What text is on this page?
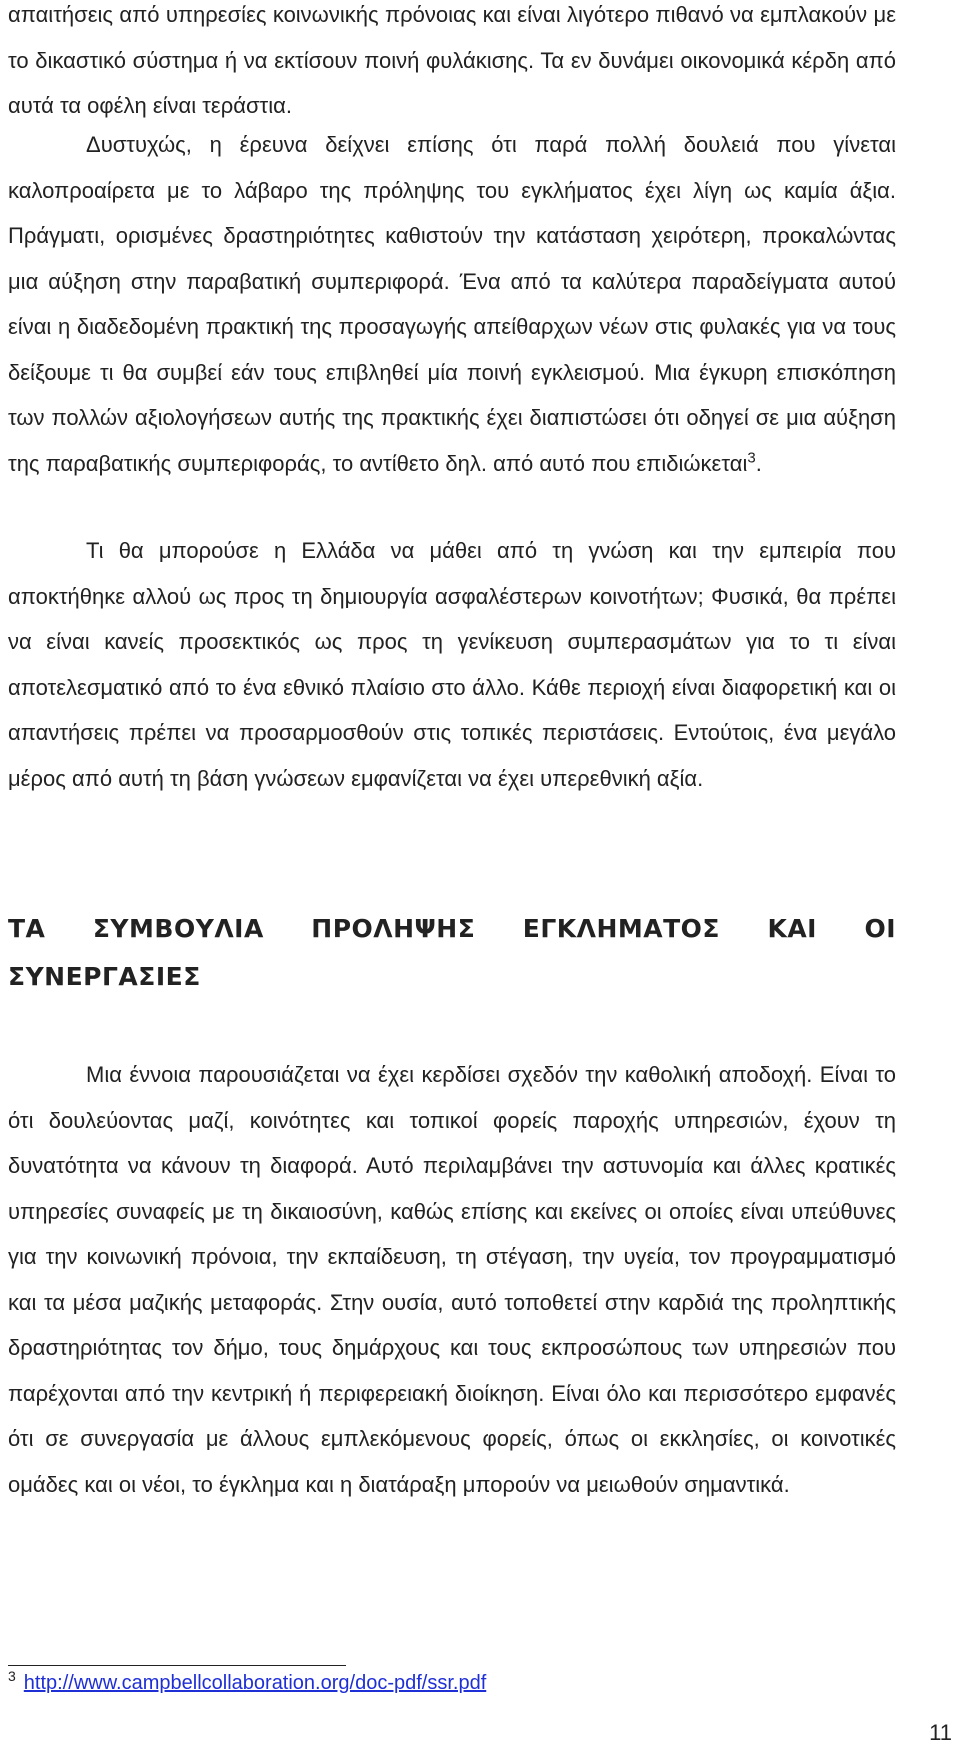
απαιτήσεις από υπηρεσίες κοινωνικής πρόνοιας και είναι λιγότερο πιθανό να εμπλακούν με το δικαστικό σύστημα ή να εκτίσουν ποινή φυλάκισης. Τα εν δυνάμει οικονομικά κέρδη από αυτά τα οφέλη είναι τεράστια.

Δυστυχώς, η έρευνα δείχνει επίσης ότι παρά πολλή δουλειά που γίνεται καλοπροαίρετα με το λάβαρο της πρόληψης του εγκλήματος έχει λίγη ως καμία άξια. Πράγματι, ορισμένες δραστηριότητες καθιστούν την κατάσταση χειρότερη, προκαλώντας μια αύξηση στην παραβατική συμπεριφορά. Ένα από τα καλύτερα παραδείγματα αυτού είναι η διαδεδομένη πρακτική της προσαγωγής απείθαρχων νέων στις φυλακές για να τους δείξουμε τι θα συμβεί εάν τους επιβληθεί μία ποινή εγκλεισμού. Μια έγκυρη επισκόπηση των πολλών αξιολογήσεων αυτής της πρακτικής έχει διαπιστώσει ότι οδηγεί σε μια αύξηση της παραβατικής συμπεριφοράς, το αντίθετο δηλ. από αυτό που επιδιώκεται$^3$.

Τι θα μπορούσε η Ελλάδα να μάθει από τη γνώση και την εμπειρία που αποκτήθηκε αλλού ως προς τη δημιουργία ασφαλέστερων κοινοτήτων; Φυσικά, θα πρέπει να είναι κανείς προσεκτικός ως προς τη γενίκευση συμπερασμάτων για το τι είναι αποτελεσματικό από το ένα εθνικό πλαίσιο στο άλλο. Κάθε περιοχή είναι διαφορετική και οι απαντήσεις πρέπει να προσαρμοσθούν στις τοπικές περιστάσεις. Εντούτοις, ένα μεγάλο μέρος από αυτή τη βάση γνώσεων εμφανίζεται να έχει υπερεθνική αξία.

ΤΑ ΣΥΜΒΟΥΛΙΑ ΠΡΟΛΗΨΗΣ ΕΓΚΛΗΜΑΤΟΣ ΚΑΙ ΟΙ ΣΥΝΕΡΓΑΣΙΕΣ

Μια έννοια παρουσιάζεται να έχει κερδίσει σχεδόν την καθολική αποδοχή. Είναι το ότι δουλεύοντας μαζί, κοινότητες και τοπικοί φορείς παροχής υπηρεσιών, έχουν τη δυνατότητα να κάνουν τη διαφορά. Αυτό περιλαμβάνει την αστυνομία και άλλες κρατικές υπηρεσίες συναφείς με τη δικαιοσύνη, καθώς επίσης και εκείνες οι οποίες είναι υπεύθυνες για την κοινωνική πρόνοια, την εκπαίδευση, τη στέγαση, την υγεία, τον προγραμματισμό και τα μέσα μαζικής μεταφοράς. Στην ουσία, αυτό τοποθετεί στην καρδιά της προληπτικής δραστηριότητας τον δήμο, τους δημάρχους και τους εκπροσώπους των υπηρεσιών που παρέχονται από την κεντρική ή περιφερειακή διοίκηση. Είναι όλο και περισσότερο εμφανές ότι σε συνεργασία με άλλους εμπλεκόμενους φορείς, όπως οι εκκλησίες, οι κοινοτικές ομάδες και οι νέοι, το έγκλημα και η διατάραξη μπορούν να μειωθούν σημαντικά.

$^3$ http://www.campbellcollaboration.org/doc-pdf/ssr.pdf
11
